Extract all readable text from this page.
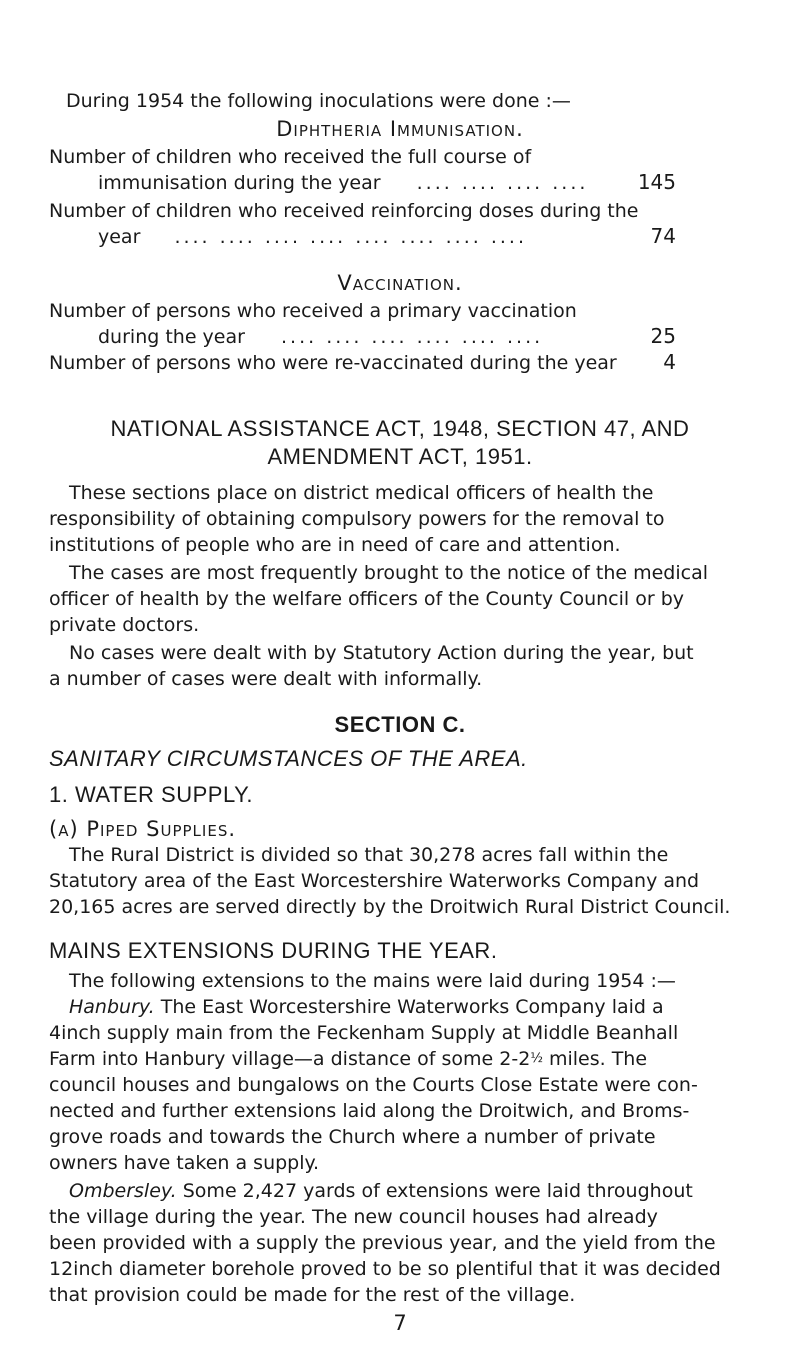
During 1954 the following inoculations were done :—
Diphtheria Immunisation.
Number of children who received the full course of
immunisation during the year .... .... .... .... 145
Number of children who received reinforcing doses during the
year .... .... .... .... .... .... .... ....	74
Vaccination.
Number of persons who received a primary vaccination
during the year .... .... .... .... .... ....	25
Number of persons who were re-vaccinated during the year 4
NATIONAL ASSISTANCE ACT, 1948, SECTION 47, AND
AMENDMENT ACT, 1951.
These sections place on district medical officers of health the
responsibility of obtaining compulsory powers for the removal to
institutions of people who are in need of care and attention.
The cases are most frequently brought to the notice of the medical
officer of health by the welfare officers of the County Council or by
private doctors.
No cases were dealt with by Statutory Action during the year, but
a number of cases were dealt with informally.
SECTION C.
SANITARY CIRCUMSTANCES OF THE AREA.
1. WATER SUPPLY.
(a) Piped Supplies.
The Rural District is divided so that 30,278 acres fall within the
Statutory area of the East Worcestershire Waterworks Company and
20,165 acres are served directly by the Droitwich Rural District Council.
MAINS EXTENSIONS DURING THE YEAR.
The following extensions to the mains were laid during 1954 :—
Hanbury. The East Worcestershire Waterworks Company laid a
4inch supply main from the Feckenham Supply at Middle Beanhall
Farm into Hanbury village—a distance of some 2-2½ miles. The
council houses and bungalows on the Courts Close Estate were con-
nected and further extensions laid along the Droitwich, and Broms-
grove roads and towards the Church where a number of private
owners have taken a supply.
Ombersley. Some 2,427 yards of extensions were laid throughout
the village during the year. The new council houses had already
been provided with a supply the previous year, and the yield from the
12inch diameter borehole proved to be so plentiful that it was decided
that provision could be made for the rest of the village.
7
